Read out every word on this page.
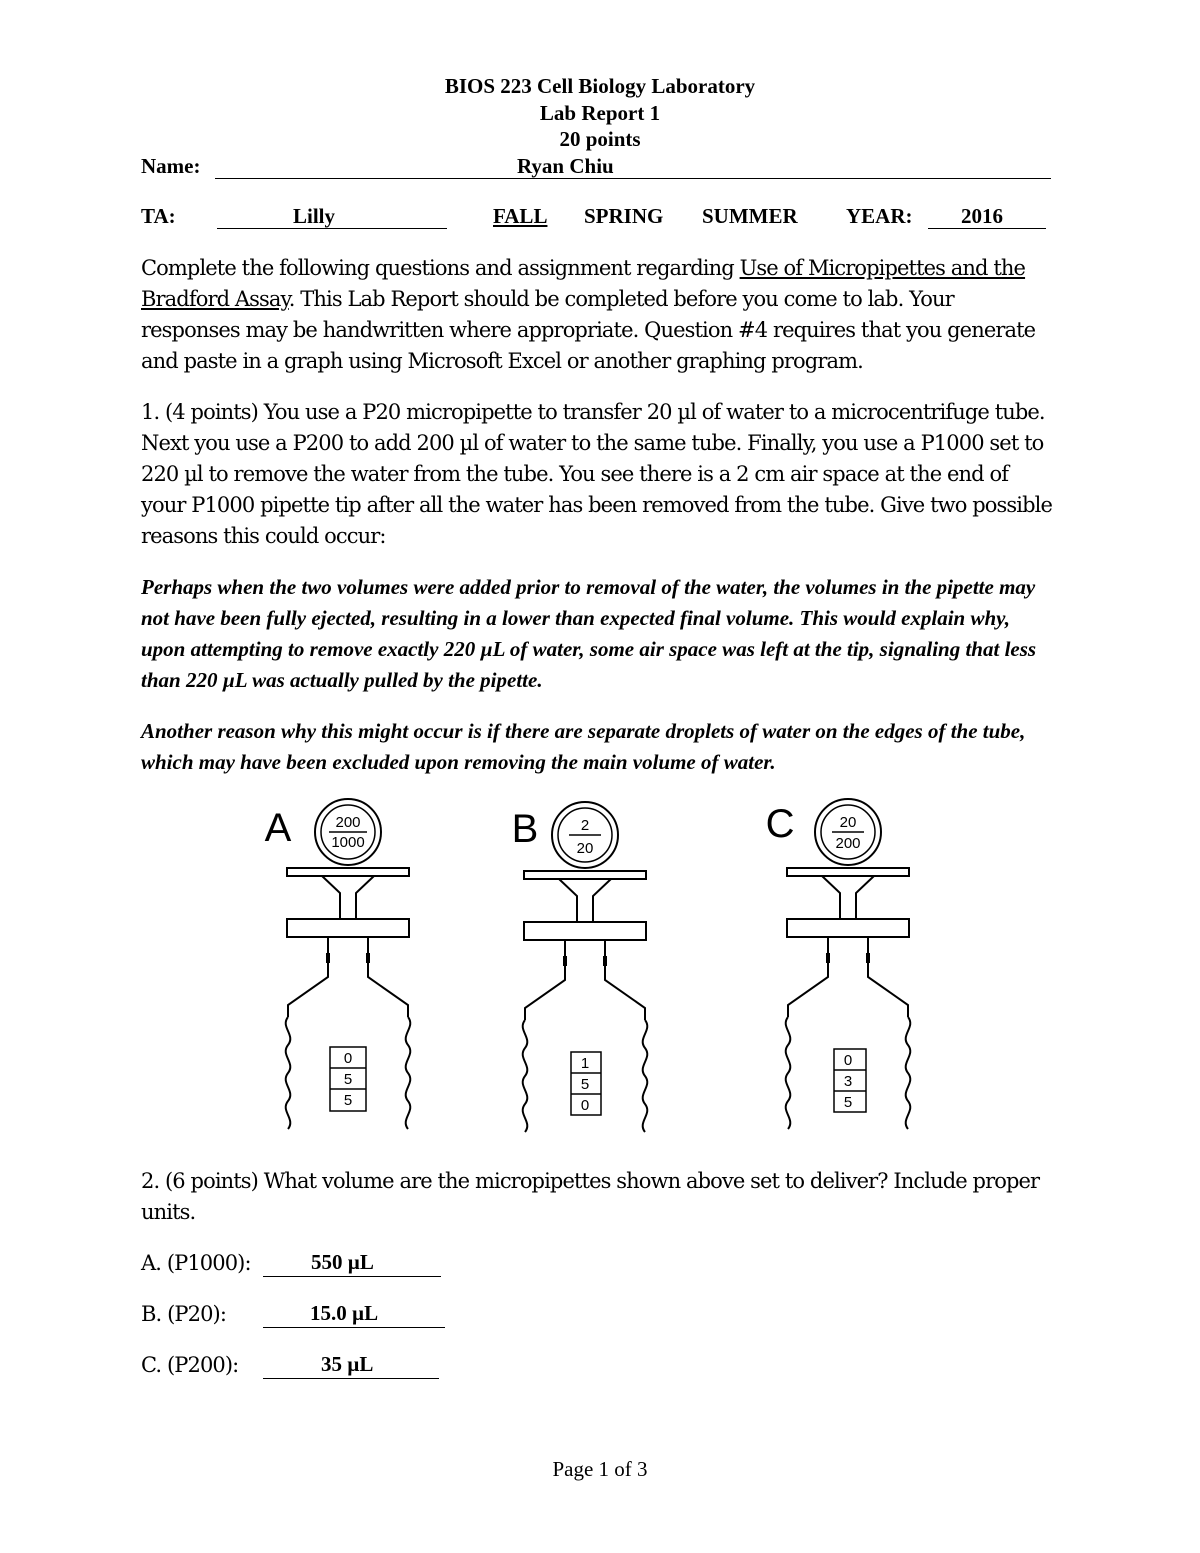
BIOS 223 Cell Biology Laboratory
Lab Report 1
20 points
Name:	Ryan Chiu
TA:	Lilly	FALL SPRING SUMMER YEAR: 2016
Complete the following questions and assignment regarding Use of Micropipettes and the Bradford Assay. This Lab Report should be completed before you come to lab. Your responses may be handwritten where appropriate. Question #4 requires that you generate and paste in a graph using Microsoft Excel or another graphing program.
1. (4 points) You use a P20 micropipette to transfer 20 µl of water to a microcentrifuge tube. Next you use a P200 to add 200 µl of water to the same tube. Finally, you use a P1000 set to 220 µl to remove the water from the tube. You see there is a 2 cm air space at the end of your P1000 pipette tip after all the water has been removed from the tube. Give two possible reasons this could occur:
Perhaps when the two volumes were added prior to removal of the water, the volumes in the pipette may not have been fully ejected, resulting in a lower than expected final volume. This would explain why, upon attempting to remove exactly 220 µL of water, some air space was left at the tip, signaling that less than 220 µL was actually pulled by the pipette.
Another reason why this might occur is if there are separate droplets of water on the edges of the tube, which may have been excluded upon removing the main volume of water.
A	200
1000
0
5
5
B	2
20
1
5
0
C	20
200
0
3
5
2. (6 points) What volume are the micropipettes shown above set to deliver? Include proper units.
A. (P1000):	550 µL
B. (P20):	15.0 µL
C. (P200):	35 µL
Page 1 of 3
